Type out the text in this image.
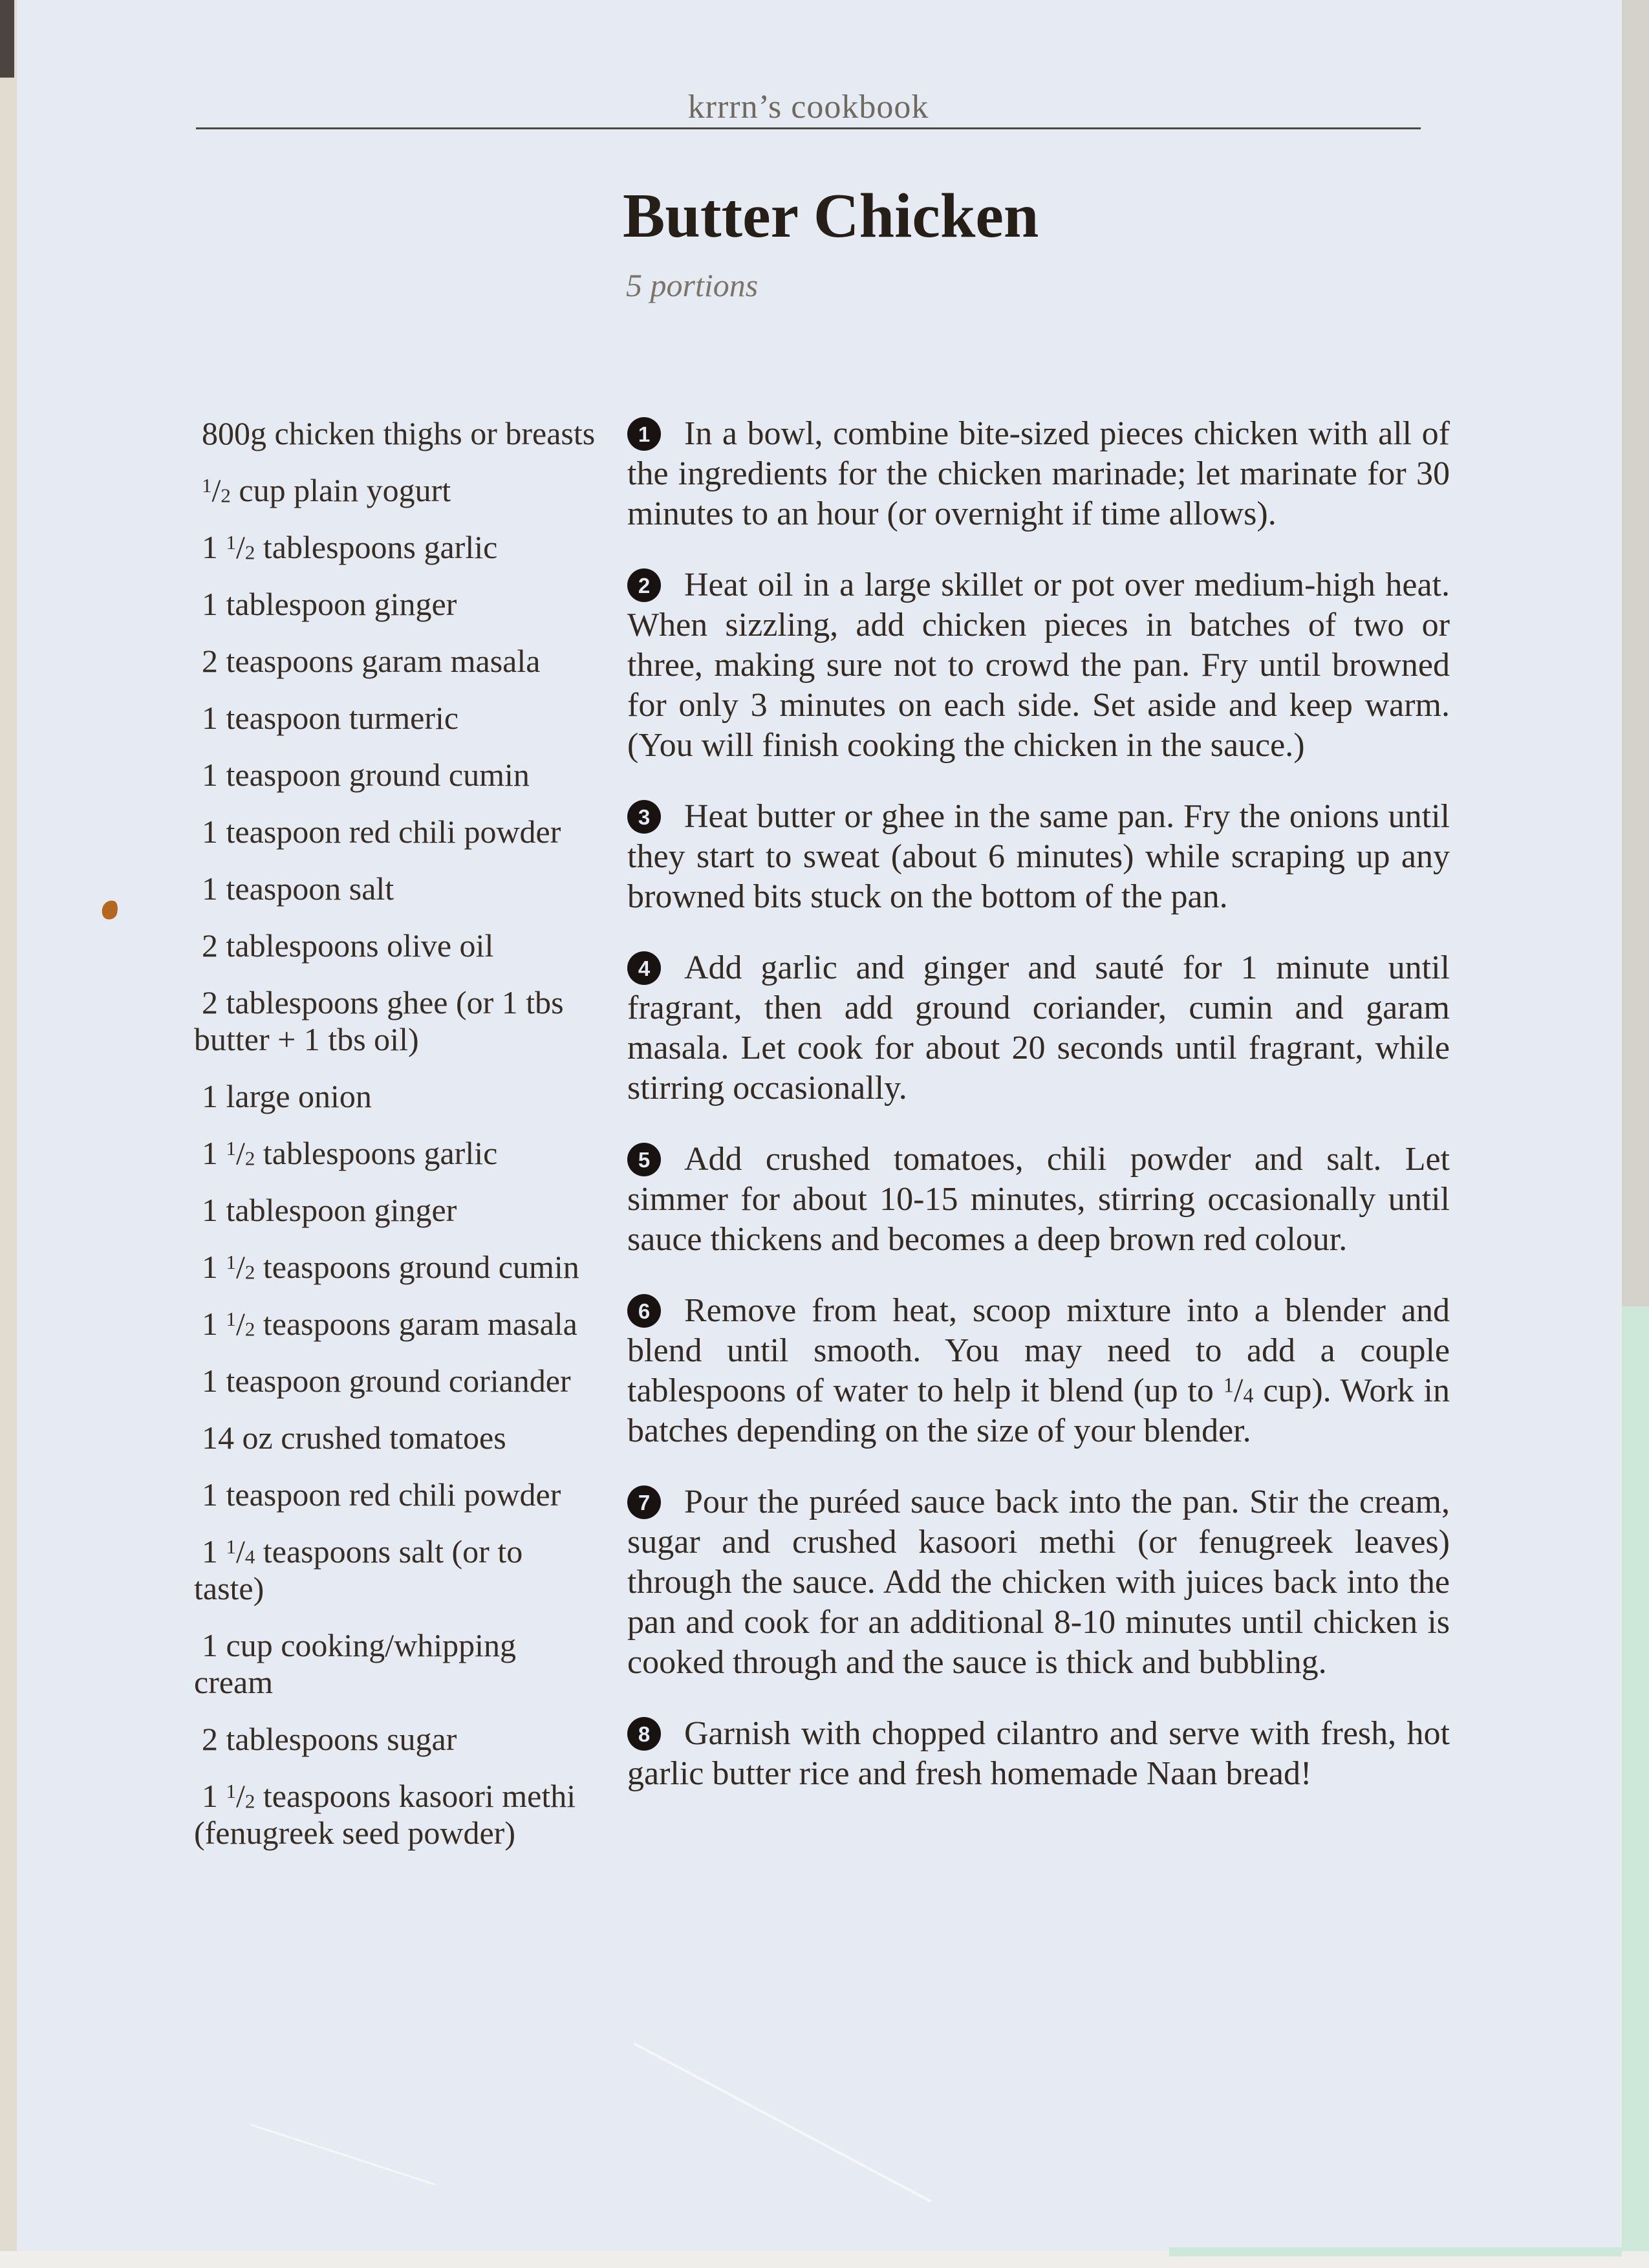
krrrn’s cookbook
Butter Chicken
5 portions
800g chicken thighs or breasts
$^1/_2$ cup plain yogurt
1 $^1/_2$ tablespoons garlic
1 tablespoon ginger
2 teaspoons garam masala
1 teaspoon turmeric
1 teaspoon ground cumin
1 teaspoon red chili powder
1 teaspoon salt
2 tablespoons olive oil
2 tablespoons ghee (or 1 tbs butter + 1 tbs oil)
1 large onion
1 $^1/_2$ tablespoons garlic
1 tablespoon ginger
1 $^1/_2$ teaspoons ground cumin
1 $^1/_2$ teaspoons garam masala
1 teaspoon ground coriander
14 oz crushed tomatoes
1 teaspoon red chili powder
1 $^1/_4$ teaspoons salt (or to taste)
1 cup cooking/whipping cream
2 tablespoons sugar
1 $^1/_2$ teaspoons kasoori methi (fenugreek seed powder)

1	In a bowl, combine bite-sized pieces chicken with all of the ingredients for the chicken marinade; let marinate for 30 minutes to an hour (or overnight if time allows).

2	Heat oil in a large skillet or pot over medium-high heat. When sizzling, add chicken pieces in batches of two or three, making sure not to crowd the pan. Fry until browned for only 3 minutes on each side. Set aside and keep warm. (You will finish cooking the chicken in the sauce.)

3	Heat butter or ghee in the same pan. Fry the onions until they start to sweat (about 6 minutes) while scraping up any browned bits stuck on the bottom of the pan.

4	Add garlic and ginger and sauté for 1 minute until fragrant, then add ground coriander, cumin and garam masala. Let cook for about 20 seconds until fragrant, while stirring occasionally.

5	Add crushed tomatoes, chili powder and salt. Let simmer for about 10-15 minutes, stirring occasionally until sauce thickens and becomes a deep brown red colour.

6	Remove from heat, scoop mixture into a blender and blend until smooth. You may need to add a couple tablespoons of water to help it blend (up to $^1/_4$ cup). Work in batches depending on the size of your blender.

7	Pour the puréed sauce back into the pan. Stir the cream, sugar and crushed kasoori methi (or fenugreek leaves) through the sauce. Add the chicken with juices back into the pan and cook for an additional 8-10 minutes until chicken is cooked through and the sauce is thick and bubbling.

8	Garnish with chopped cilantro and serve with fresh, hot garlic butter rice and fresh homemade Naan bread!
